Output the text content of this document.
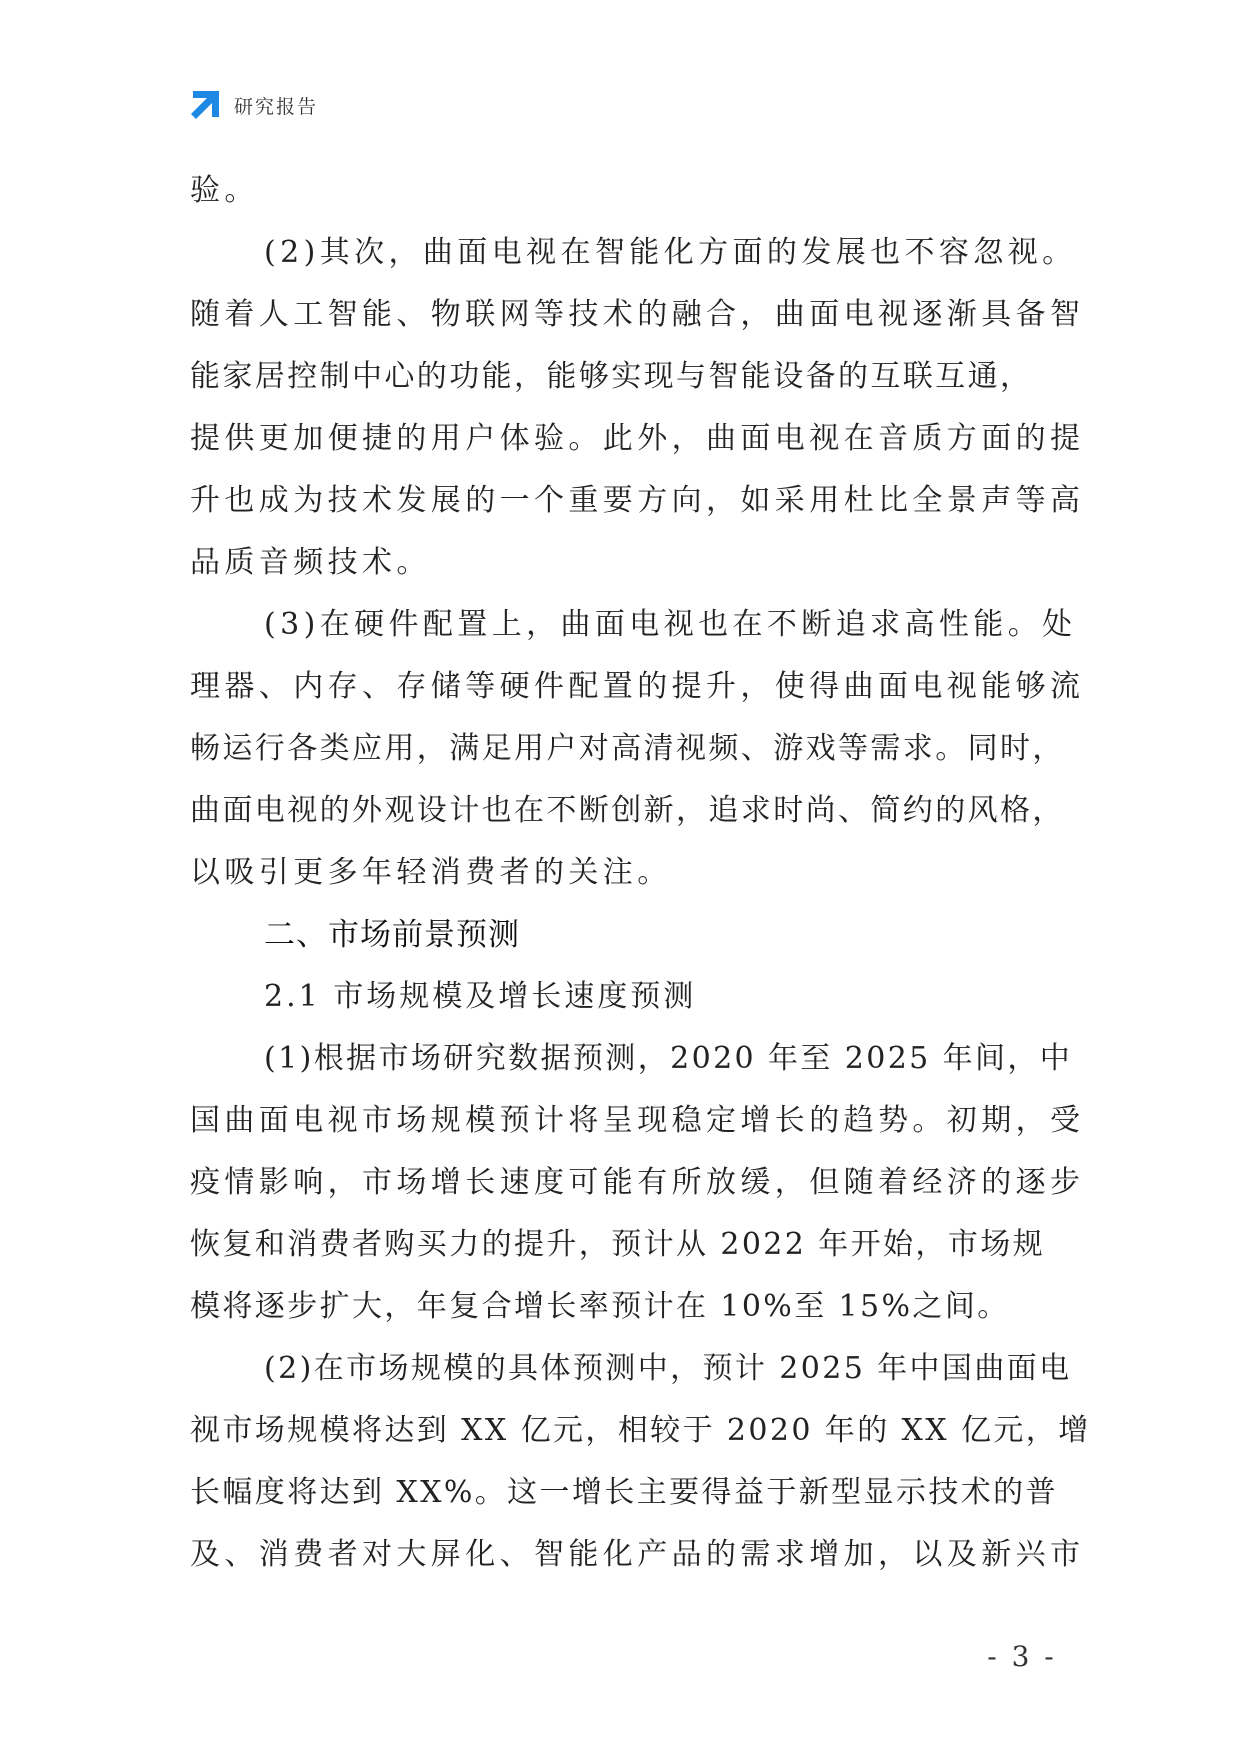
研究报告
验。
(2)其次，曲面电视在智能化方面的发展也不容忽视。
随着人工智能、物联网等技术的融合，曲面电视逐渐具备智
能家居控制中心的功能，能够实现与智能设备的互联互通，
提供更加便捷的用户体验。此外，曲面电视在音质方面的提
升也成为技术发展的一个重要方向，如采用杜比全景声等高
品质音频技术。
(3)在硬件配置上，曲面电视也在不断追求高性能。处
理器、内存、存储等硬件配置的提升，使得曲面电视能够流
畅运行各类应用，满足用户对高清视频、游戏等需求。同时，
曲面电视的外观设计也在不断创新，追求时尚、简约的风格，
以吸引更多年轻消费者的关注。
二、市场前景预测
2.1 市场规模及增长速度预测
(1)根据市场研究数据预测，2020 年至 2025 年间，中
国曲面电视市场规模预计将呈现稳定增长的趋势。初期，受
疫情影响，市场增长速度可能有所放缓，但随着经济的逐步
恢复和消费者购买力的提升，预计从 2022 年开始，市场规
模将逐步扩大，年复合增长率预计在 10%至 15%之间。
(2)在市场规模的具体预测中，预计 2025 年中国曲面电
视市场规模将达到 XX 亿元，相较于 2020 年的 XX 亿元，增
长幅度将达到 XX%。这一增长主要得益于新型显示技术的普
及、消费者对大屏化、智能化产品的需求增加，以及新兴市
- 3 -
